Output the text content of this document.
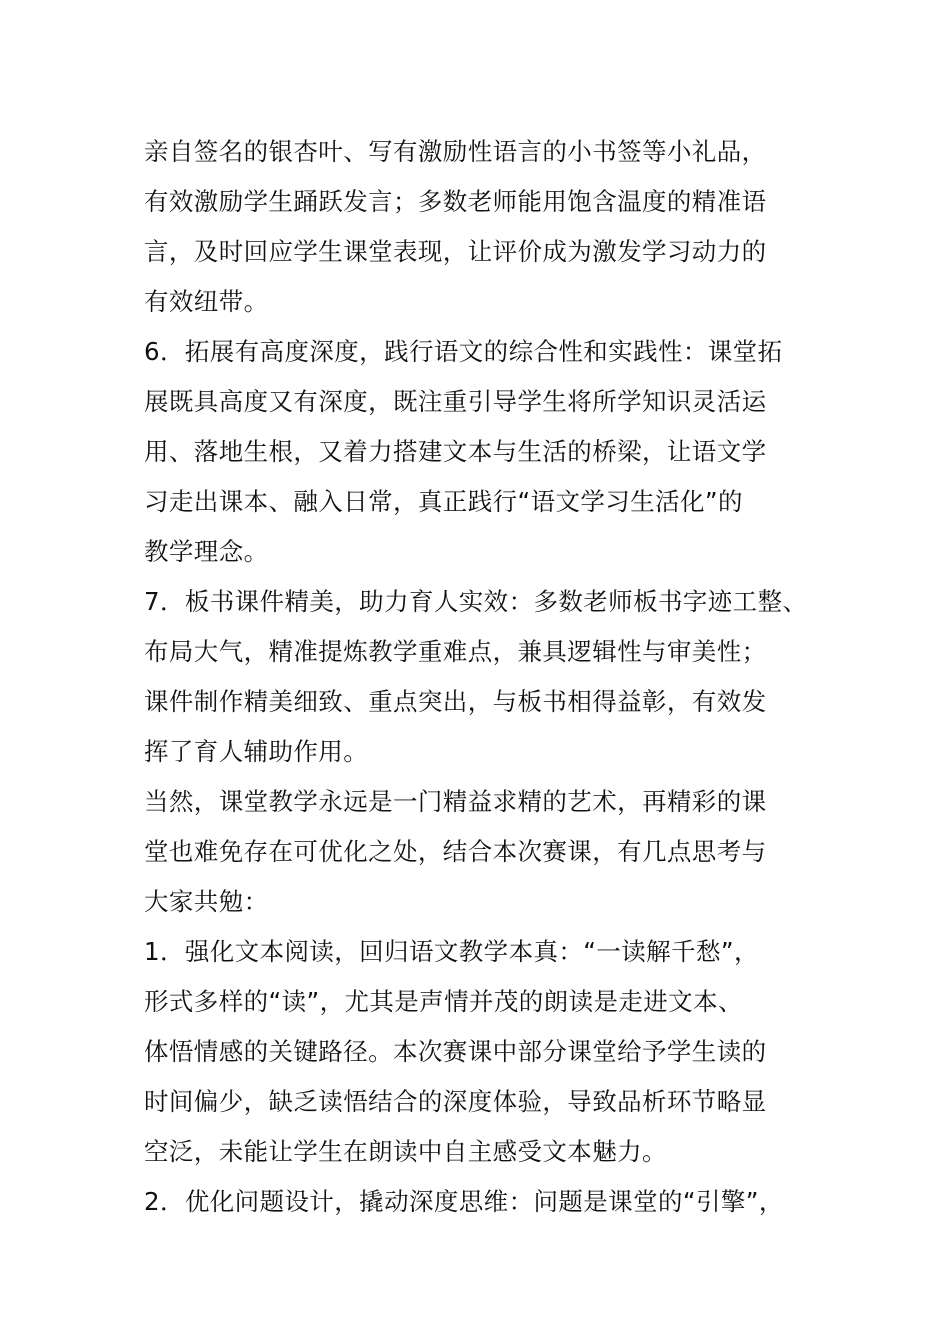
亲自签名的银杏叶、写有激励性语言的小书签等小礼品，
有效激励学生踊跃发言；多数老师能用饱含温度的精准语
言，及时回应学生课堂表现，让评价成为激发学习动力的
有效纽带。
6．拓展有高度深度，践行语文的综合性和实践性：课堂拓
展既具高度又有深度，既注重引导学生将所学知识灵活运
用、落地生根，又着力搭建文本与生活的桥梁，让语文学
习走出课本、融入日常，真正践行“语文学习生活化”的
教学理念。
7．板书课件精美，助力育人实效：多数老师板书字迹工整、
布局大气，精准提炼教学重难点，兼具逻辑性与审美性；
课件制作精美细致、重点突出，与板书相得益彰，有效发
挥了育人辅助作用。
当然，课堂教学永远是一门精益求精的艺术，再精彩的课
堂也难免存在可优化之处，结合本次赛课，有几点思考与
大家共勉：
1．强化文本阅读，回归语文教学本真：“一读解千愁”，
形式多样的“读”，尤其是声情并茂的朗读是走进文本、
体悟情感的关键路径。本次赛课中部分课堂给予学生读的
时间偏少，缺乏读悟结合的深度体验，导致品析环节略显
空泛，未能让学生在朗读中自主感受文本魅力。
2．优化问题设计，撬动深度思维：问题是课堂的“引擎”，
